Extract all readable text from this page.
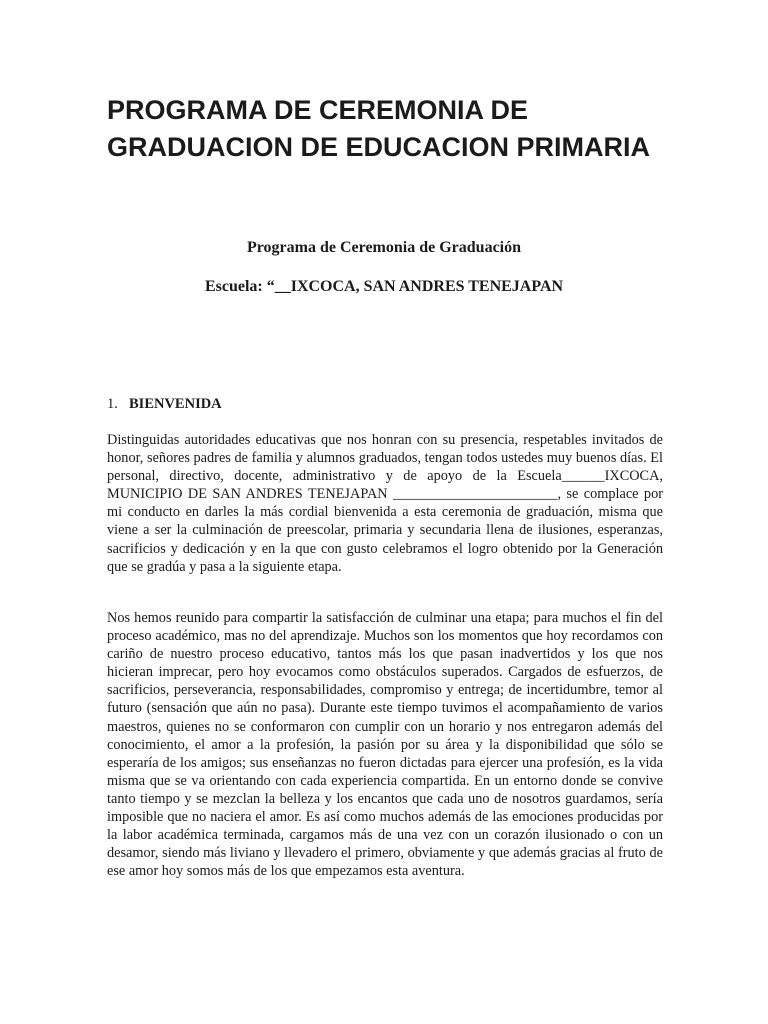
PROGRAMA DE CEREMONIA DE GRADUACION DE EDUCACION PRIMARIA

Programa de Ceremonia de Graduación

Escuela: “__IXCOCA, SAN ANDRES TENEJAPAN

1. BIENVENIDA

Distinguidas autoridades educativas que nos honran con su presencia, respetables invitados de honor, señores padres de familia y alumnos graduados, tengan todos ustedes muy buenos días. El personal, directivo, docente, administrativo y de apoyo de la Escuela______IXCOCA, MUNICIPIO DE SAN ANDRES TENEJAPAN _______________________, se complace por mi conducto en darles la más cordial bienvenida a esta ceremonia de graduación, misma que viene a ser la culminación de preescolar, primaria y secundaria llena de ilusiones, esperanzas, sacrificios y dedicación y en la que con gusto celebramos el logro obtenido por la Generación que se gradúa y pasa a la siguiente etapa.

Nos hemos reunido para compartir la satisfacción de culminar una etapa; para muchos el fin del proceso académico, mas no del aprendizaje. Muchos son los momentos que hoy recordamos con cariño de nuestro proceso educativo, tantos más los que pasan inadvertidos y los que nos hicieran imprecar, pero hoy evocamos como obstáculos superados. Cargados de esfuerzos, de sacrificios, perseverancia, responsabilidades, compromiso y entrega; de incertidumbre, temor al futuro (sensación que aún no pasa). Durante este tiempo tuvimos el acompañamiento de varios maestros, quienes no se conformaron con cumplir con un horario y nos entregaron además del conocimiento, el amor a la profesión, la pasión por su área y la disponibilidad que sólo se esperaría de los amigos; sus enseñanzas no fueron dictadas para ejercer una profesión, es la vida misma que se va orientando con cada experiencia compartida. En un entorno donde se convive tanto tiempo y se mezclan la belleza y los encantos que cada uno de nosotros guardamos, sería imposible que no naciera el amor. Es así como muchos además de las emociones producidas por la labor académica terminada, cargamos más de una vez con un corazón ilusionado o con un desamor, siendo más liviano y llevadero el primero, obviamente y que además gracias al fruto de ese amor hoy somos más de los que empezamos esta aventura.
